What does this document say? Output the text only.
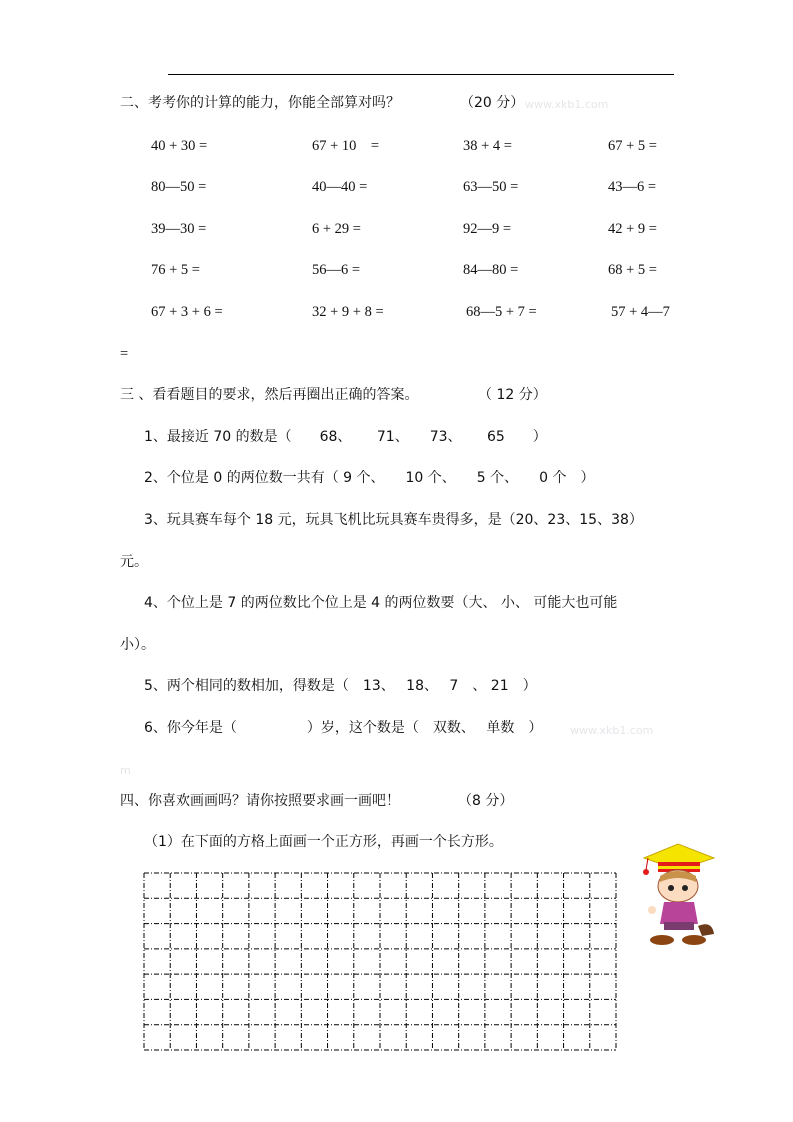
二、考考你的计算的能力，你能全部算对吗？	（20 分） www.xkb1.com
40 + 30 =	67 + 10　=	38 + 4 =	67 + 5 =
80—50 =	40—40 =	63—50 =	43—6 =
39—30 =	6 + 29 =	92—9 =	42 + 9 =
76 + 5 =	56—6 =	84—80 =	68 + 5 =
67 + 3 + 6 =	32 + 9 + 8 =	68—5 + 7 =	57 + 4—7
=
三 、看看题目的要求，然后再圈出正确的答案。	（ 12 分）
1、最接近 70 的数是（　　68、　　 71、　　73、　　 65　　）
2、个位是 0 的两位数一共有（ 9 个、　　10 个、　　5 个、　　0 个　）
3、玩具赛车每个 18 元，玩具飞机比玩具赛车贵得多，是（20、23、15、38）
元。
4、个位上是 7 的两位数比个位上是 4 的两位数要（大、 小、 可能大也可能
小）。
5、两个相同的数相加，得数是（　13、　 18、　 7　、 21　）
6、你今年是（　　　　　）岁，这个数是（　双数、　 单数　）	www.xkb1.com
m
四、你喜欢画画吗？请你按照要求画一画吧！	（8 分）
（1）在下面的方格上面画一个正方形，再画一个长方形。
